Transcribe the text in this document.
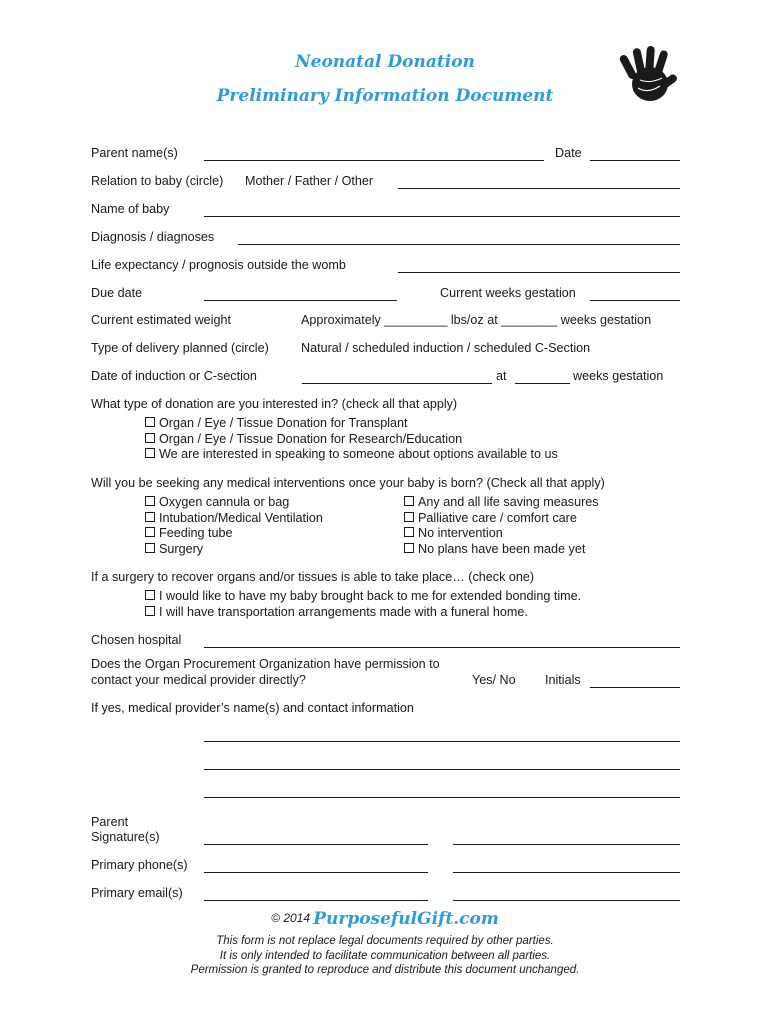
Neonatal Donation
Preliminary Information Document
Parent name(s)	Date
Relation to baby (circle) Mother / Father / Other
Name of baby
Diagnosis / diagnoses
Life expectancy / prognosis outside the womb
Due date	Current weeks gestation
Current estimated weight	Approximately _________ lbs/oz at ________ weeks gestation
Type of delivery planned (circle)	Natural / scheduled induction / scheduled C-Section
Date of induction or C-section	at	weeks gestation
What type of donation are you interested in? (check all that apply)
Organ / Eye / Tissue Donation for Transplant
Organ / Eye / Tissue Donation for Research/Education
We are interested in speaking to someone about options available to us
Will you be seeking any medical interventions once your baby is born? (Check all that apply)
Oxygen cannula or bag
Intubation/Medical Ventilation
Feeding tube
Surgery
Any and all life saving measures
Palliative care / comfort care
No intervention
No plans have been made yet
If a surgery to recover organs and/or tissues is able to take place… (check one)
I would like to have my baby brought back to me for extended bonding time.
I will have transportation arrangements made with a funeral home.
Chosen hospital
Does the Organ Procurement Organization have permission to
contact your medical provider directly?	Yes/ No Initials
If yes, medical provider’s name(s) and contact information
Parent
Signature(s)
Primary phone(s)
Primary email(s)
© 2014 PurposefulGift.com
This form is not replace legal documents required by other parties.
It is only intended to facilitate communication between all parties.
Permission is granted to reproduce and distribute this document unchanged.
